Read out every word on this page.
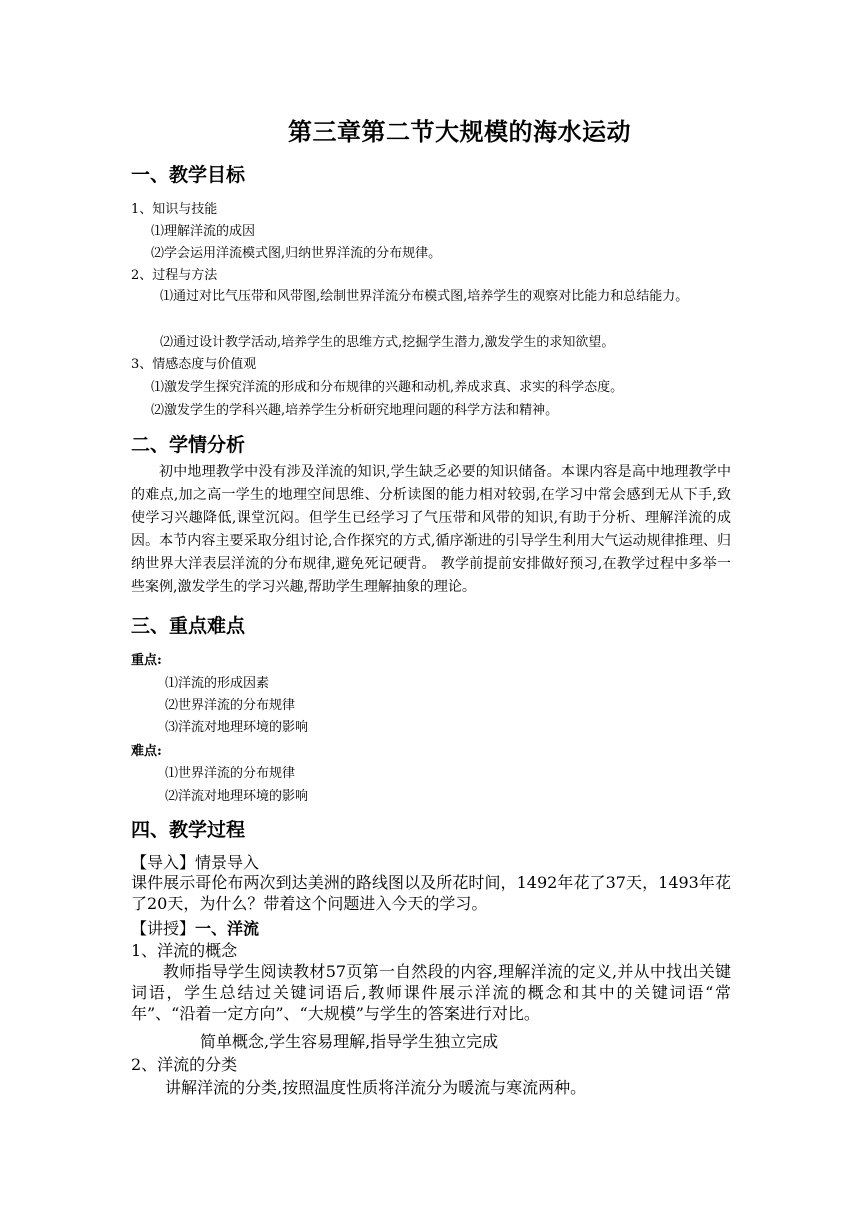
第三章第二节大规模的海水运动
一、教学目标
1、知识与技能
⑴理解洋流的成因
⑵学会运用洋流模式图,归纳世界洋流的分布规律。
2、过程与方法
⑴通过对比气压带和风带图,绘制世界洋流分布模式图,培养学生的观察对比能力和总结能力。
⑵通过设计教学活动,培养学生的思维方式,挖掘学生潜力,激发学生的求知欲望。
3、情感态度与价值观
⑴激发学生探究洋流的形成和分布规律的兴趣和动机,养成求真、求实的科学态度。
⑵激发学生的学科兴趣,培养学生分析研究地理问题的科学方法和精神。
二、学情分析
初中地理教学中没有涉及洋流的知识,学生缺乏必要的知识储备。本课内容是高中地理教学中的难点,加之高一学生的地理空间思维、分析读图的能力相对较弱,在学习中常会感到无从下手,致使学习兴趣降低,课堂沉闷。但学生已经学习了气压带和风带的知识,有助于分析、理解洋流的成因。本节内容主要采取分组讨论,合作探究的方式,循序渐进的引导学生利用大气运动规律推理、归纳世界大洋表层洋流的分布规律,避免死记硬背。 教学前提前安排做好预习,在教学过程中多举一些案例,激发学生的学习兴趣,帮助学生理解抽象的理论。
三、重点难点
重点:
⑴洋流的形成因素
⑵世界洋流的分布规律
⑶洋流对地理环境的影响
难点:
⑴世界洋流的分布规律
⑵洋流对地理环境的影响
四、教学过程
【导入】情景导入
课件展示哥伦布两次到达美洲的路线图以及所花时间，1492年花了37天，1493年花了20天，为什么？带着这个问题进入今天的学习。
【讲授】一、洋流
1、洋流的概念
教师指导学生阅读教材57页第一自然段的内容,理解洋流的定义,并从中找出关键词语，学生总结过关键词语后,教师课件展示洋流的概念和其中的关键词语“常年”、“沿着一定方向”、“大规模”与学生的答案进行对比。
简单概念,学生容易理解,指导学生独立完成
2、洋流的分类
讲解洋流的分类,按照温度性质将洋流分为暖流与寒流两种。
